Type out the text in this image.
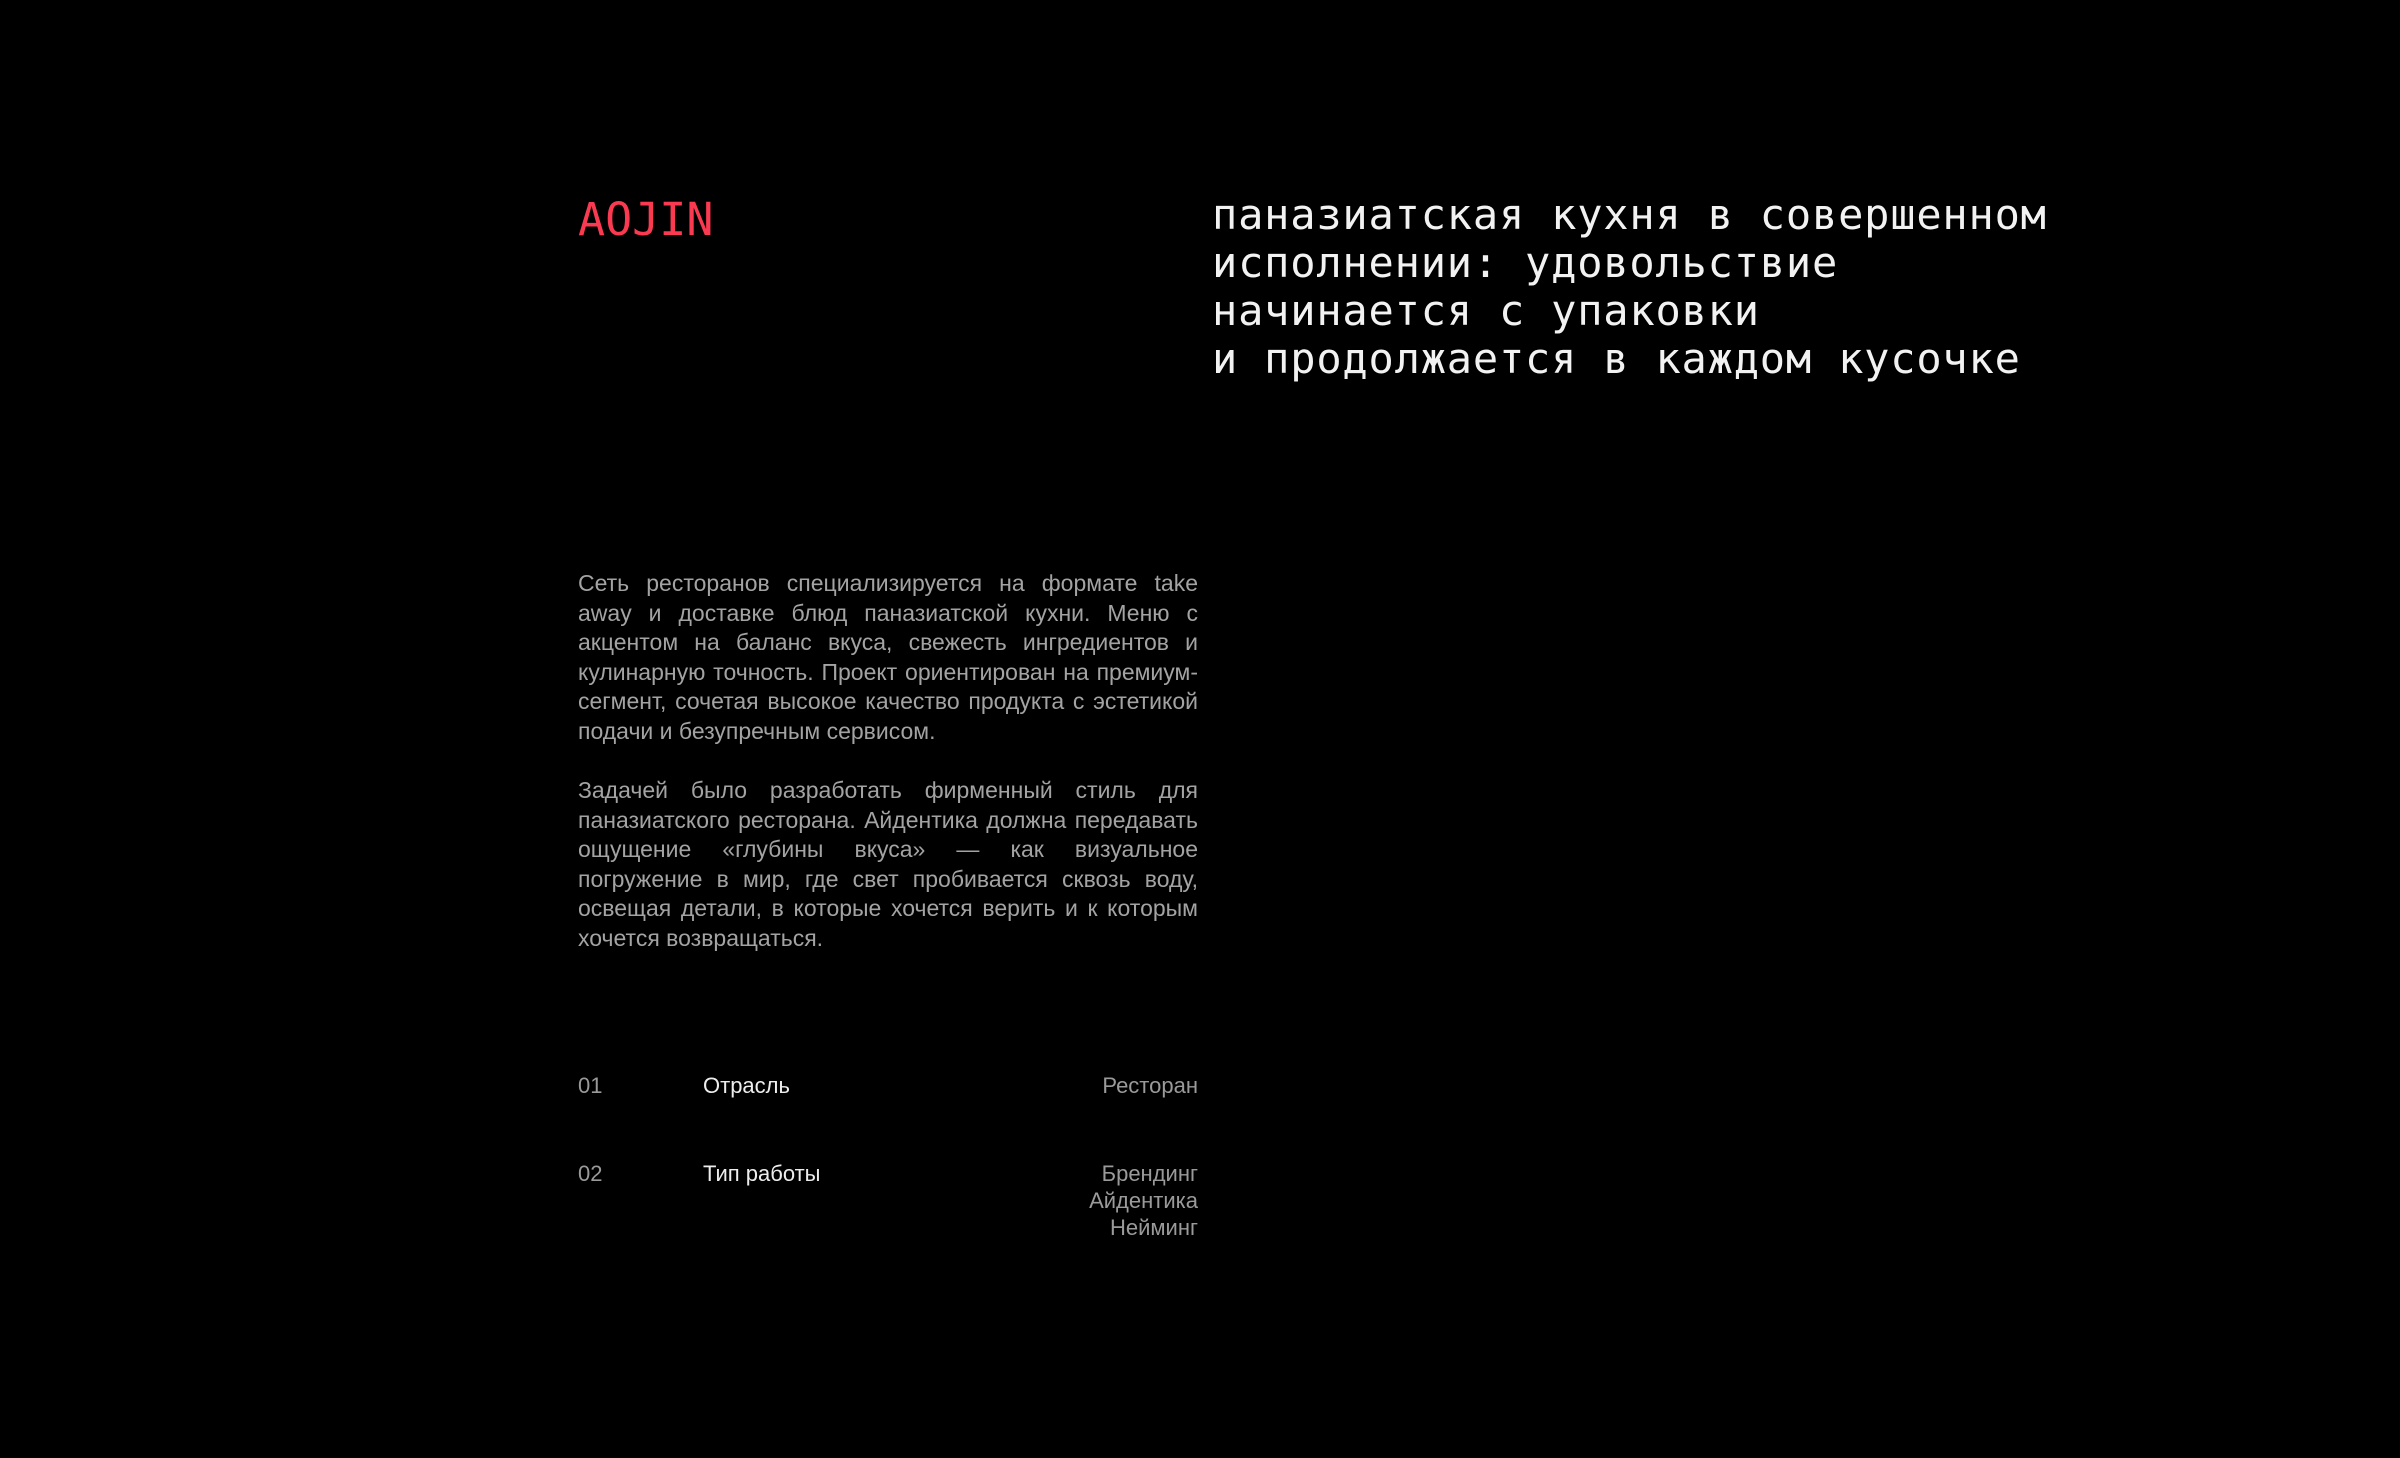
AOJIN	паназиатская кухня в совершенном
исполнении: удовольствие
начинается с упаковки
и продолжается в каждом кусочке

Сеть ресторанов специализируется на формате take away и доставке блюд паназиатской кухни. Меню с акцентом на баланс вкуса, свежесть ингредиентов и кулинарную точность. Проект ориентирован на премиум-сегмент, сочетая высокое качество продукта с эстетикой подачи и безупречным сервисом.

Задачей было разработать фирменный стиль для паназиатского ресторана. Айдентика должна передавать ощущение «глубины вкуса» — как визуальное погружение в мир, где свет пробивается сквозь воду, освещая детали, в которые хочется верить и к которым хочется возвращаться.

01	Отрасль	Ресторан
02	Тип работы	Брендинг
Айдентика
Нейминг
